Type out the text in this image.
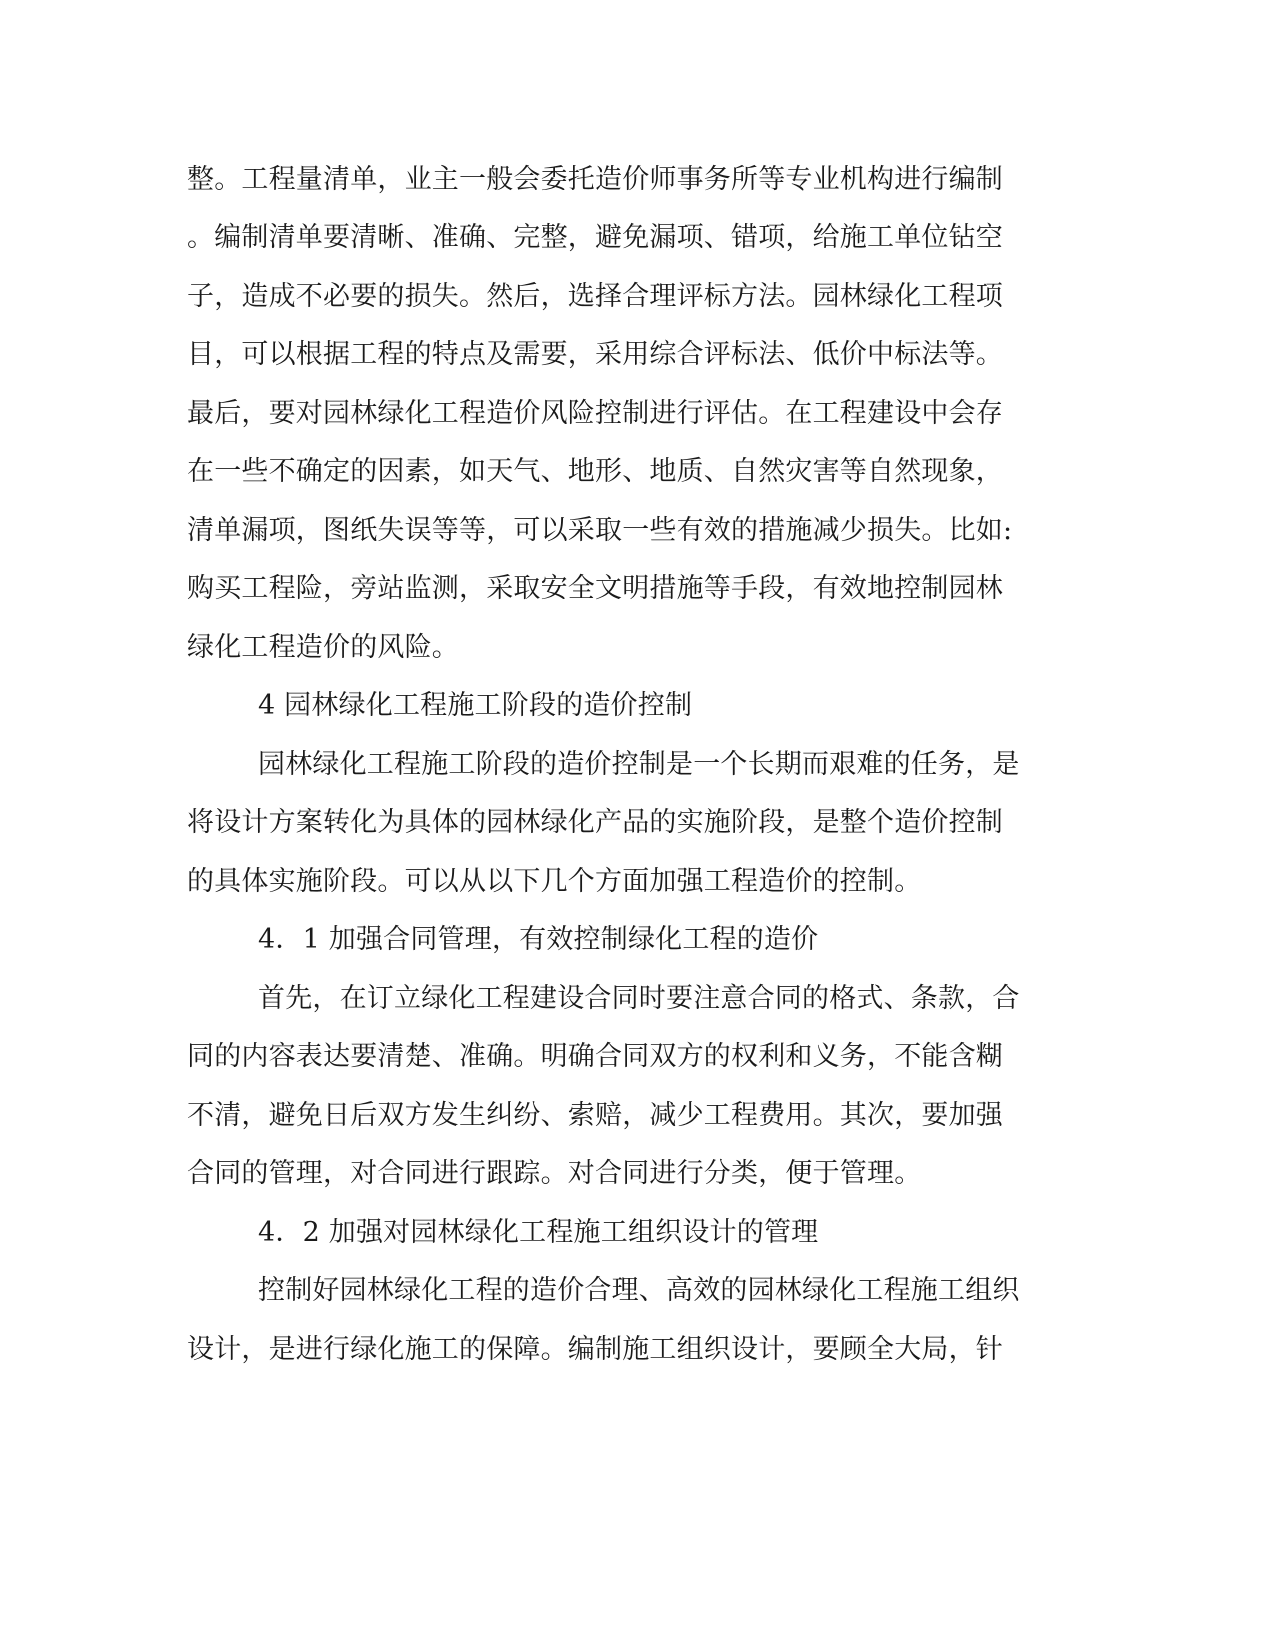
整。工程量清单，业主一般会委托造价师事务所等专业机构进行编制

。编制清单要清晰、准确、完整，避免漏项、错项，给施工单位钻空

子，造成不必要的损失。然后，选择合理评标方法。园林绿化工程项

目，可以根据工程的特点及需要，采用综合评标法、低价中标法等。

最后，要对园林绿化工程造价风险控制进行评估。在工程建设中会存

在一些不确定的因素，如天气、地形、地质、自然灾害等自然现象，

清单漏项，图纸失误等等，可以采取一些有效的措施减少损失。比如:

购买工程险，旁站监测，采取安全文明措施等手段，有效地控制园林

绿化工程造价的风险。

4 园林绿化工程施工阶段的造价控制

园林绿化工程施工阶段的造价控制是一个长期而艰难的任务，是

将设计方案转化为具体的园林绿化产品的实施阶段，是整个造价控制

的具体实施阶段。可以从以下几个方面加强工程造价的控制。

4．1 加强合同管理，有效控制绿化工程的造价

首先，在订立绿化工程建设合同时要注意合同的格式、条款，合

同的内容表达要清楚、准确。明确合同双方的权利和义务，不能含糊

不清，避免日后双方发生纠纷、索赔，减少工程费用。其次，要加强

合同的管理，对合同进行跟踪。对合同进行分类，便于管理。

4．2 加强对园林绿化工程施工组织设计的管理

控制好园林绿化工程的造价合理、高效的园林绿化工程施工组织

设计，是进行绿化施工的保障。编制施工组织设计，要顾全大局，针
